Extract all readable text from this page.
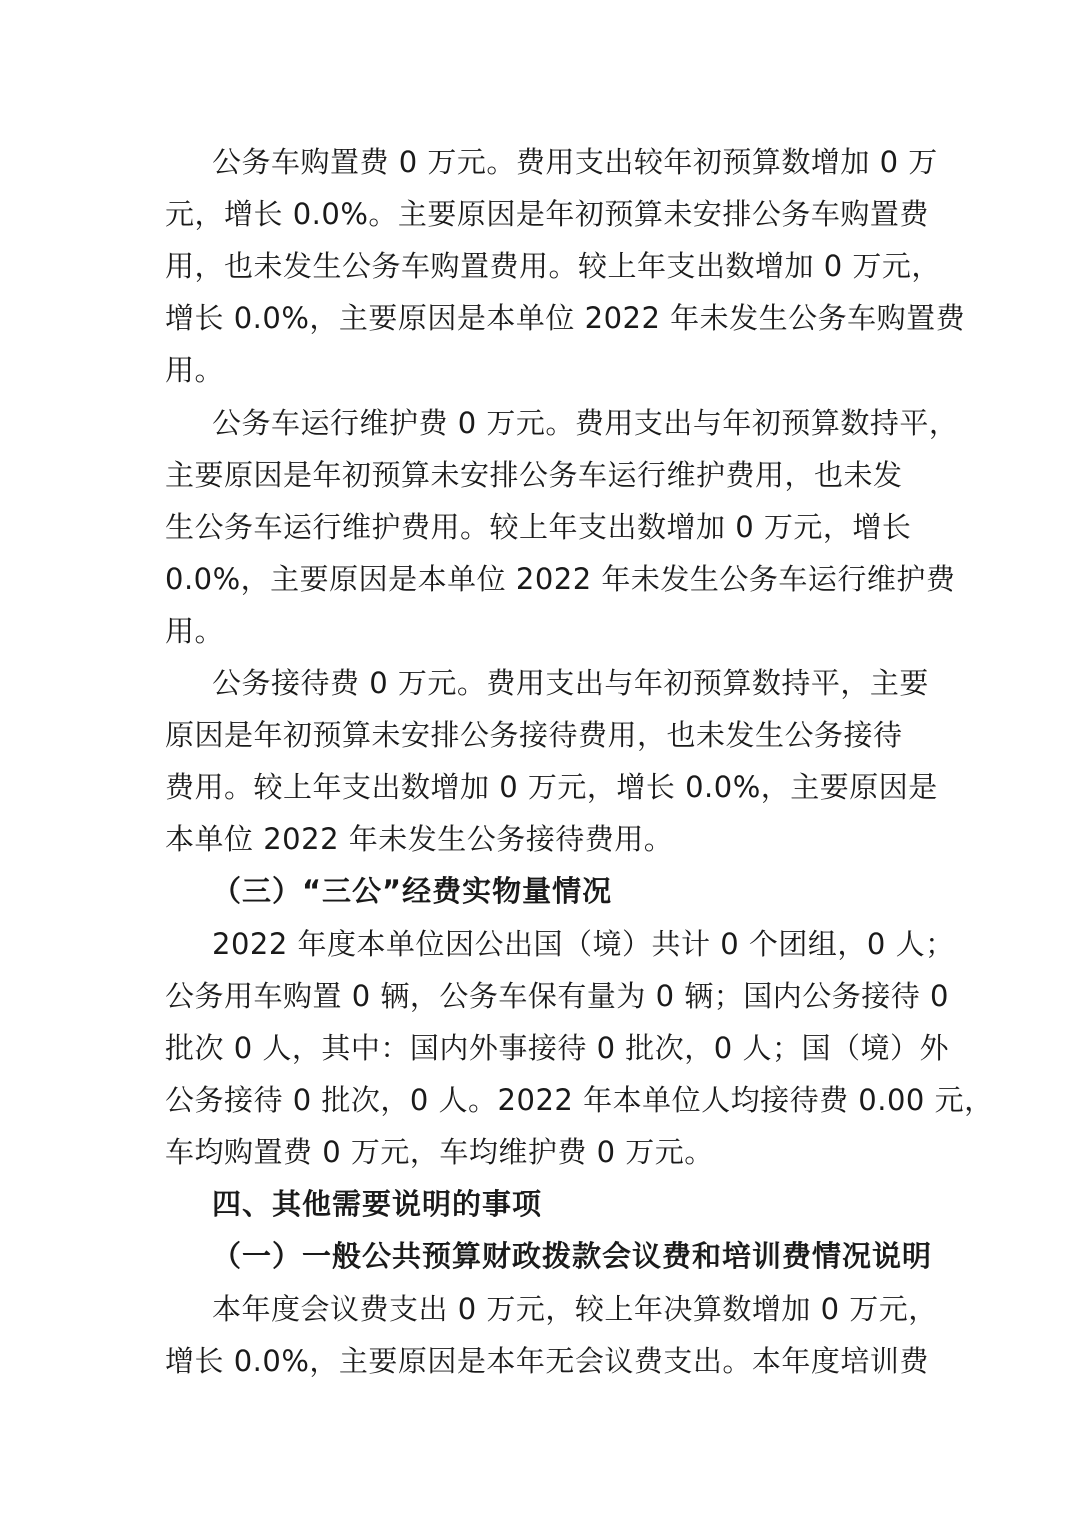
公务车购置费 0 万元。费用支出较年初预算数增加 0 万
元，增长 0.0%。主要原因是年初预算未安排公务车购置费
用，也未发生公务车购置费用。较上年支出数增加 0 万元，
增长 0.0%，主要原因是本单位 2022 年未发生公务车购置费
用。
公务车运行维护费 0 万元。费用支出与年初预算数持平，
主要原因是年初预算未安排公务车运行维护费用，也未发
生公务车运行维护费用。较上年支出数增加 0 万元，增长
0.0%，主要原因是本单位 2022 年未发生公务车运行维护费
用。
公务接待费 0 万元。费用支出与年初预算数持平，主要
原因是年初预算未安排公务接待费用，也未发生公务接待
费用。较上年支出数增加 0 万元，增长 0.0%，主要原因是
本单位 2022 年未发生公务接待费用。
（三）“三公”经费实物量情况
2022 年度本单位因公出国（境）共计 0 个团组，0 人；
公务用车购置 0 辆，公务车保有量为 0 辆；国内公务接待 0
批次 0 人，其中：国内外事接待 0 批次，0 人；国（境）外
公务接待 0 批次，0 人。2022 年本单位人均接待费 0.00 元，
车均购置费 0 万元，车均维护费 0 万元。
四、其他需要说明的事项
（一）一般公共预算财政拨款会议费和培训费情况说明
本年度会议费支出 0 万元，较上年决算数增加 0 万元，
增长 0.0%，主要原因是本年无会议费支出。本年度培训费
